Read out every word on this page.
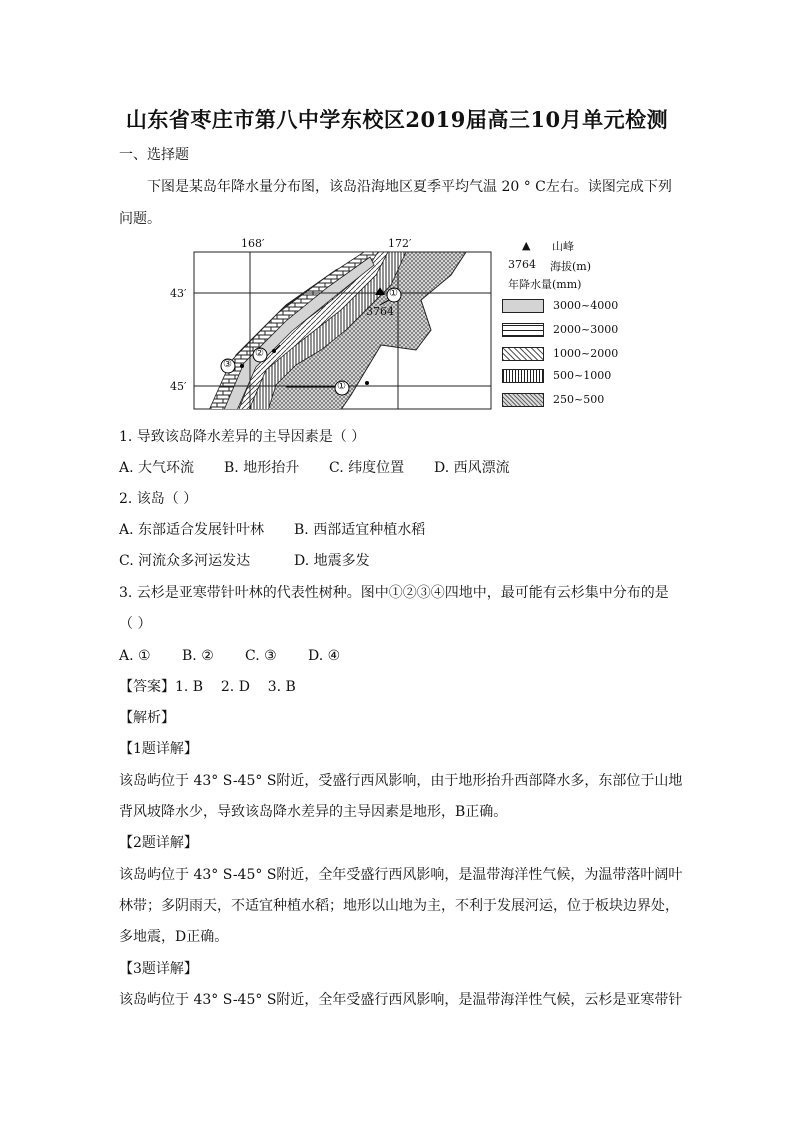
山东省枣庄市第八中学东校区2019届高三10月单元检测
一、选择题
下图是某岛年降水量分布图，该岛沿海地区夏季平均气温 20 ° C左右。读图完成下列
问题。
168′	172′
43′
45′
3764
①
②
③
①
▲ 山峰
3764 海拔(m)
年降水量(mm)
3000~4000
2000~3000
1000~2000
500~1000
250~500
1. 导致该岛降水差异的主导因素是（ ）
A. 大气环流 B. 地形抬升 C. 纬度位置 D. 西风漂流
2. 该岛（ ）
A. 东部适合发展针叶林 B. 西部适宜种植水稻
C. 河流众多河运发达	D. 地震多发
3. 云杉是亚寒带针叶林的代表性树种。图中①②③④四地中，最可能有云杉集中分布的是
（ ）
A. ① B. ② C. ③ D. ④
【答案】1. B    2. D    3. B
【解析】
【1题详解】
该岛屿位于 43° S-45° S附近，受盛行西风影响，由于地形抬升西部降水多，东部位于山地
背风坡降水少，导致该岛降水差异的主导因素是地形，B正确。
【2题详解】
该岛屿位于 43° S-45° S附近，全年受盛行西风影响，是温带海洋性气候，为温带落叶阔叶
林带；多阴雨天，不适宜种植水稻；地形以山地为主，不利于发展河运，位于板块边界处，
多地震，D正确。
【3题详解】
该岛屿位于 43° S-45° S附近，全年受盛行西风影响，是温带海洋性气候，云杉是亚寒带针
